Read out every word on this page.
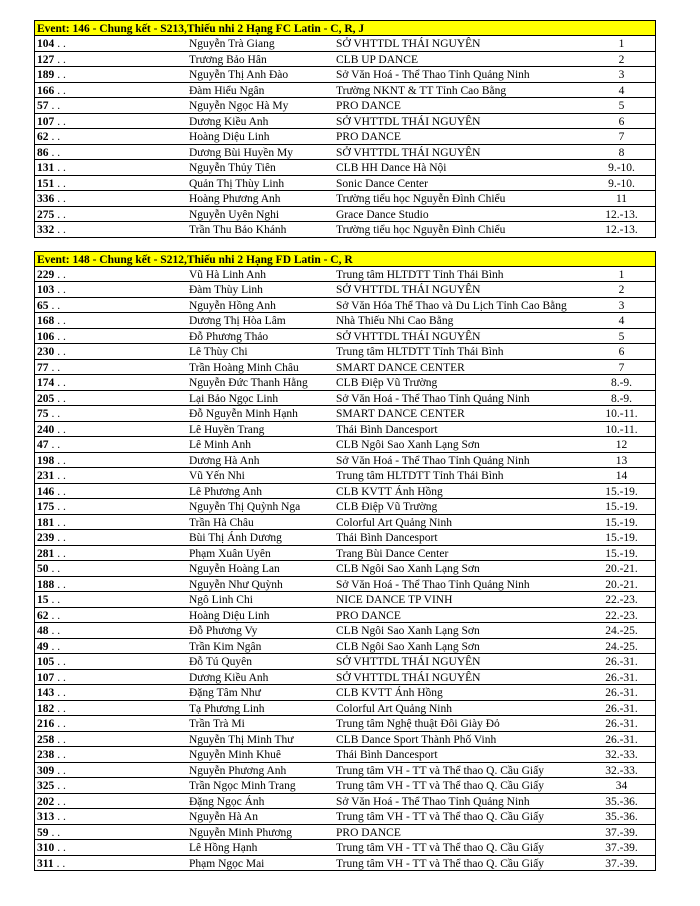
Event: 146 - Chung kết - S213,Thiếu nhi 2 Hạng FC Latin - C, R, J
104 . .	Nguyễn Trà Giang	SỞ VHTTDL THÁI NGUYÊN	1
127 . .	Trương Bảo Hân	CLB UP DANCE	2
189 . .	Nguyễn Thị Anh Đào	Sở Văn Hoá - Thể Thao Tỉnh Quảng Ninh	3
166 . .	Đàm Hiểu Ngân	Trường NKNT & TT Tỉnh Cao Bằng	4
57 . .	Nguyễn Ngọc Hà My	PRO DANCE	5
107 . .	Dương Kiều Anh	SỞ VHTTDL THÁI NGUYÊN	6
62 . .	Hoàng Diệu Linh	PRO DANCE	7
86 . .	Dương Bùi Huyền My	SỞ VHTTDL THÁI NGUYÊN	8
131 . .	Nguyễn Thủy Tiên	CLB HH Dance Hà Nội	9.-10.
151 . .	Quản Thị Thùy Linh	Sonic Dance Center	9.-10.
336 . .	Hoàng Phương Anh	Trường tiểu học Nguyễn Đình Chiểu	11
275 . .	Nguyễn Uyên Nghi	Grace Dance Studio	12.-13.
332 . .	Trần Thu Bảo Khánh	Trường tiểu học Nguyễn Đình Chiểu	12.-13.
Event: 148 - Chung kết - S212,Thiếu nhi 2 Hạng FD Latin - C, R
229 . .	Vũ Hà Linh Anh	Trung tâm HLTDTT Tỉnh Thái Bình	1
103 . .	Đàm Thùy Linh	SỞ VHTTDL THÁI NGUYÊN	2
65 . .	Nguyễn Hồng Anh	Sở Văn Hóa Thể Thao và Du Lịch Tỉnh Cao Bằng	3
168 . .	Dương Thị Hòa Lâm	Nhà Thiếu Nhi Cao Bằng	4
106 . .	Đỗ Phương Thảo	SỞ VHTTDL THÁI NGUYÊN	5
230 . .	Lê Thùy Chi	Trung tâm HLTDTT Tỉnh Thái Bình	6
77 . .	Trần Hoàng Minh Châu	SMART DANCE CENTER	7
174 . .	Nguyễn Đức Thanh Hằng	CLB Điệp Vũ Trường	8.-9.
205 . .	Lại Bảo Ngọc Linh	Sở Văn Hoá - Thể Thao Tỉnh Quảng Ninh	8.-9.
75 . .	Đỗ Nguyễn Minh Hạnh	SMART DANCE CENTER	10.-11.
240 . .	Lê Huyền Trang	Thái Bình Dancesport	10.-11.
47 . .	Lê Minh Anh	CLB Ngôi Sao Xanh Lạng Sơn	12
198 . .	Dương Hà Anh	Sở Văn Hoá - Thể Thao Tỉnh Quảng Ninh	13
231 . .	Vũ Yến Nhi	Trung tâm HLTDTT Tỉnh Thái Bình	14
146 . .	Lê Phương Anh	CLB KVTT Ánh Hồng	15.-19.
175 . .	Nguyễn Thị Quỳnh Nga	CLB Điệp Vũ Trường	15.-19.
181 . .	Trần Hà Châu	Colorful Art Quảng Ninh	15.-19.
239 . .	Bùi Thị Ánh Dương	Thái Bình Dancesport	15.-19.
281 . .	Phạm Xuân Uyên	Trang Bùi Dance Center	15.-19.
50 . .	Nguyễn Hoàng Lan	CLB Ngôi Sao Xanh Lạng Sơn	20.-21.
188 . .	Nguyễn Như Quỳnh	Sở Văn Hoá - Thể Thao Tỉnh Quảng Ninh	20.-21.
15 . .	Ngô Linh Chi	NICE DANCE TP VINH	22.-23.
62 . .	Hoàng Diệu Linh	PRO DANCE	22.-23.
48 . .	Đỗ Phương Vy	CLB Ngôi Sao Xanh Lạng Sơn	24.-25.
49 . .	Trần Kim Ngân	CLB Ngôi Sao Xanh Lạng Sơn	24.-25.
105 . .	Đỗ Tú Quyên	SỞ VHTTDL THÁI NGUYÊN	26.-31.
107 . .	Dương Kiều Anh	SỞ VHTTDL THÁI NGUYÊN	26.-31.
143 . .	Đặng Tâm Như	CLB KVTT Ánh Hồng	26.-31.
182 . .	Tạ Phương Linh	Colorful Art Quảng Ninh	26.-31.
216 . .	Trần Trà Mi	Trung tâm Nghệ thuật Đôi Giày Đỏ	26.-31.
258 . .	Nguyễn Thị Minh Thư	CLB Dance Sport Thành Phố Vinh	26.-31.
238 . .	Nguyễn Minh Khuê	Thái Bình Dancesport	32.-33.
309 . .	Nguyễn Phương Anh	Trung tâm VH - TT và Thể thao Q. Cầu Giấy	32.-33.
325 . .	Trần Ngọc Minh Trang	Trung tâm VH - TT và Thể thao Q. Cầu Giấy	34
202 . .	Đặng Ngọc Ánh	Sở Văn Hoá - Thể Thao Tỉnh Quảng Ninh	35.-36.
313 . .	Nguyễn Hà An	Trung tâm VH - TT và Thể thao Q. Cầu Giấy	35.-36.
59 . .	Nguyễn Minh Phương	PRO DANCE	37.-39.
310 . .	Lê Hồng Hạnh	Trung tâm VH - TT và Thể thao Q. Cầu Giấy	37.-39.
311 . .	Phạm Ngọc Mai	Trung tâm VH - TT và Thể thao Q. Cầu Giấy	37.-39.
